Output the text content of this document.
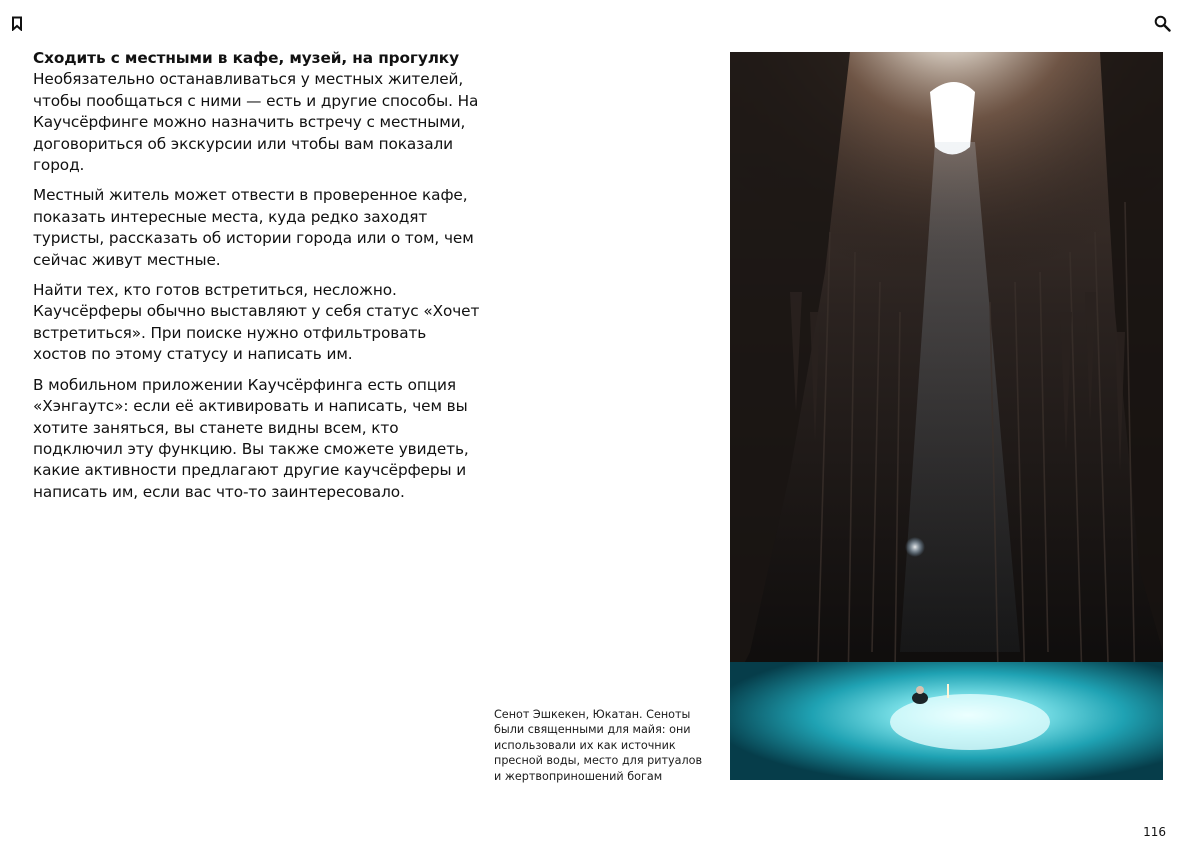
Сходить с местными в кафе, музей, на прогулку

Необязательно останавливаться у местных жителей, чтобы пообщаться с ними — есть и другие способы. На Каучсёрфинге можно назначить встречу с местными, договориться об экскурсии или чтобы вам показали город.

Местный житель может отвести в проверенное кафе, показать интересные места, куда редко заходят туристы, рассказать об истории города или о том, чем сейчас живут местные.

Найти тех, кто готов встретиться, несложно. Каучсёрферы обычно выставляют у себя статус «Хочет встретиться». При поиске нужно отфильтровать хостов по этому статусу и написать им.

В мобильном приложении Каучсёрфинга есть опция «Хэнгаутс»: если её активировать и написать, чем вы хотите заняться, вы станете видны всем, кто подключил эту функцию. Вы также сможете увидеть, какие активности предлагают другие каучсёрферы и написать им, если вас что-то заинтересовало.

Сенот Эшкекен, Юкатан. Сеноты были священными для майя: они использовали их как источник пресной воды, место для ритуалов и жертвоприношений богам
116
